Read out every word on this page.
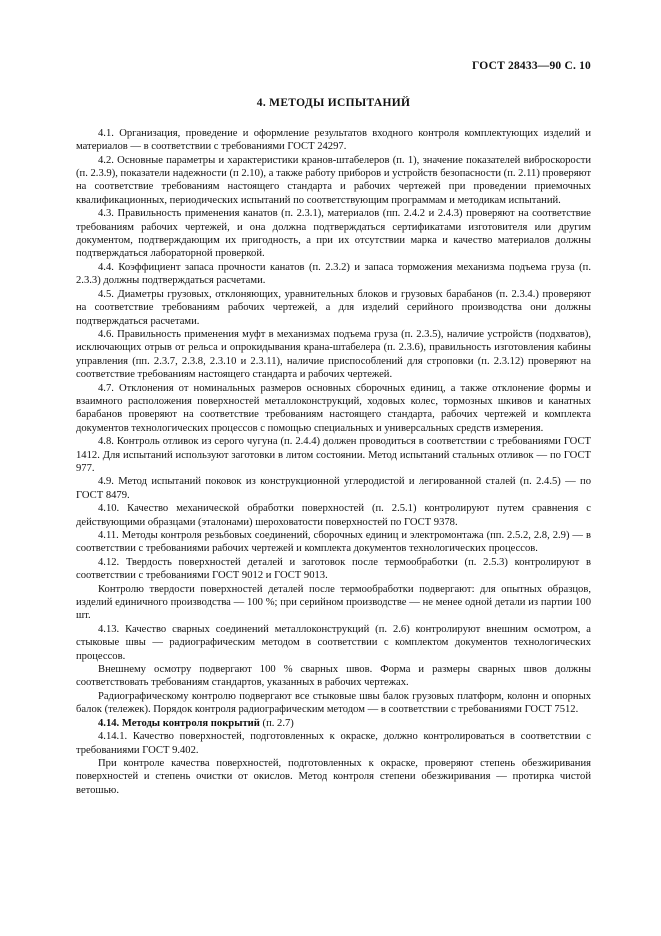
ГОСТ 28433—90 С. 10
4. МЕТОДЫ ИСПЫТАНИЙ

4.1. Организация, проведение и оформление результатов входного контроля комплектующих изделий и материалов — в соответствии с требованиями ГОСТ 24297.

4.2. Основные параметры и характеристики кранов-штабелеров (п. 1), значение показателей виброскорости (п. 2.3.9), показатели надежности (п 2.10), а также работу приборов и устройств безопасности (п. 2.11) проверяют на соответствие требованиям настоящего стандарта и рабочих чертежей при проведении приемочных квалификационных, периодических испытаний по соответствующим программам и методикам испытаний.

4.3. Правильность применения канатов (п. 2.3.1), материалов (пп. 2.4.2 и 2.4.3) проверяют на соответствие требованиям рабочих чертежей, и она должна подтверждаться сертификатами изготовителя или другим документом, подтверждающим их пригодность, а при их отсутствии марка и качество материалов должны подтверждаться лабораторной проверкой.

4.4. Коэффициент запаса прочности канатов (п. 2.3.2) и запаса торможения механизма подъема груза (п. 2.3.3) должны подтверждаться расчетами.

4.5. Диаметры грузовых, отклоняющих, уравнительных блоков и грузовых барабанов (п. 2.3.4.) проверяют на соответствие требованиям рабочих чертежей, а для изделий серийного производства они должны подтверждаться расчетами.

4.6. Правильность применения муфт в механизмах подъема груза (п. 2.3.5), наличие устройств (подхватов), исключающих отрыв от рельса и опрокидывания крана-штабелера (п. 2.3.6), правильность изготовления кабины управления (пп. 2.3.7, 2.3.8, 2.3.10 и 2.3.11), наличие приспособлений для строповки (п. 2.3.12) проверяют на соответствие требованиям настоящего стандарта и рабочих чертежей.

4.7. Отклонения от номинальных размеров основных сборочных единиц, а также отклонение формы и взаимного расположения поверхностей металлоконструкций, ходовых колес, тормозных шкивов и канатных барабанов проверяют на соответствие требованиям настоящего стандарта, рабочих чертежей и комплекта документов технологических процессов с помощью специальных и универсальных средств измерения.

4.8. Контроль отливок из серого чугуна (п. 2.4.4) должен проводиться в соответствии с требованиями ГОСТ 1412. Для испытаний используют заготовки в литом состоянии. Метод испытаний стальных отливок — по ГОСТ 977.

4.9. Метод испытаний поковок из конструкционной углеродистой и легированной сталей (п. 2.4.5) — по ГОСТ 8479.

4.10. Качество механической обработки поверхностей (п. 2.5.1) контролируют путем сравнения с действующими образцами (эталонами) шероховатости поверхностей по ГОСТ 9378.

4.11. Методы контроля резьбовых соединений, сборочных единиц и электромонтажа (пп. 2.5.2, 2.8, 2.9) — в соответствии с требованиями рабочих чертежей и комплекта документов технологических процессов.

4.12. Твердость поверхностей деталей и заготовок после термообработки (п. 2.5.3) контролируют в соответствии с требованиями ГОСТ 9012 и ГОСТ 9013.

Контролю твердости поверхностей деталей после термообработки подвергают: для опытных образцов, изделий единичного производства — 100 %; при серийном производстве — не менее одной детали из партии 100 шт.

4.13. Качество сварных соединений металлоконструкций (п. 2.6) контролируют внешним осмотром, а стыковые швы — радиографическим методом в соответствии с комплектом документов технологических процессов.

Внешнему осмотру подвергают 100 % сварных швов. Форма и размеры сварных швов должны соответствовать требованиям стандартов, указанных в рабочих чертежах.

Радиографическому контролю подвергают все стыковые швы балок грузовых платформ, колонн и опорных балок (тележек). Порядок контроля радиографическим методом — в соответствии с требованиями ГОСТ 7512.

4.14. Методы контроля покрытий (п. 2.7)

4.14.1. Качество поверхностей, подготовленных к окраске, должно контролироваться в соответствии с требованиями ГОСТ 9.402.

При контроле качества поверхностей, подготовленных к окраске, проверяют степень обезжиривания поверхностей и степень очистки от окислов. Метод контроля степени обезжиривания — протирка чистой ветошью.
